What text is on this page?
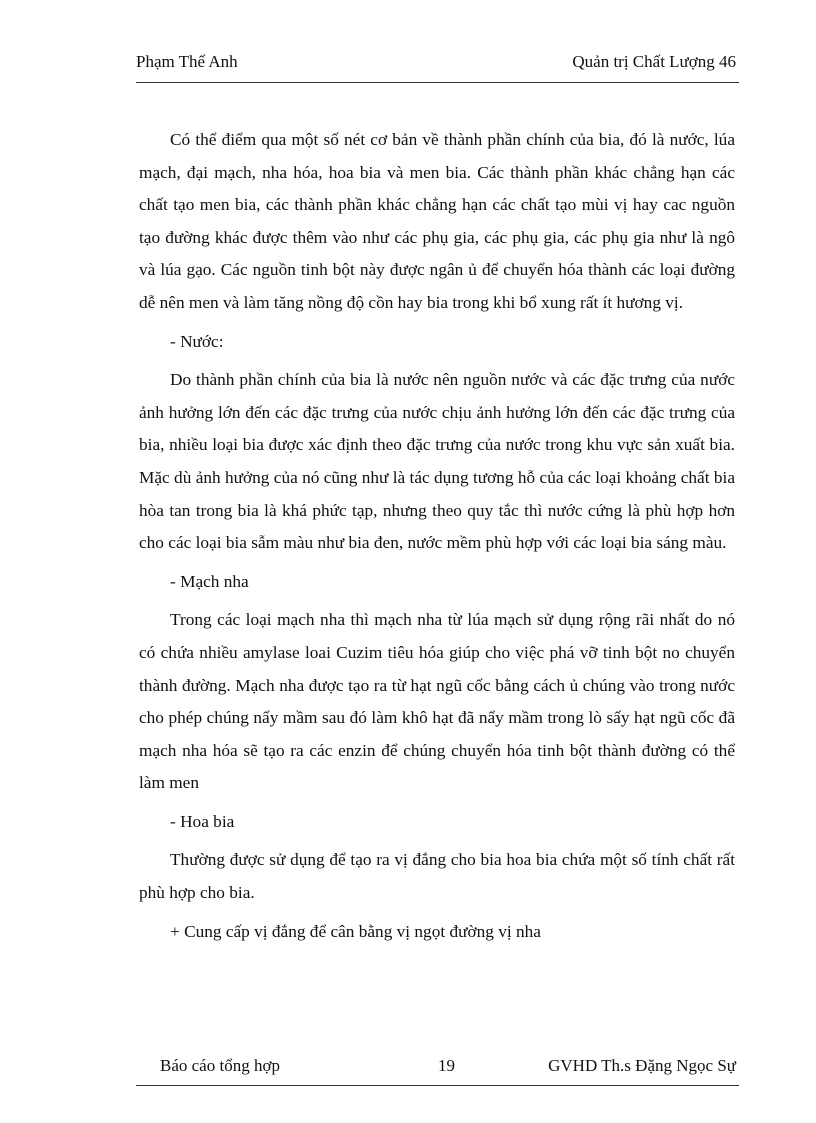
Phạm Thế Anh	Quản trị Chất Lượng 46

Có thể điểm qua một số nét cơ bản về thành phần chính của bia, đó là nước, lúa mạch, đại mạch, nha hóa, hoa bia và men bia. Các thành phần khác chẳng hạn các chất tạo men bia, các thành phần khác chẳng hạn các chất tạo mùi vị hay cac nguồn tạo đường khác được thêm vào như các phụ gia, các phụ gia, các phụ gia như là ngô và lúa gạo. Các nguồn tinh bột này được ngân ủ để chuyển hóa thành các loại đường dễ nên men và làm tăng nồng độ cồn hay bia trong khi bổ xung rất ít hương vị.

- Nước:

Do thành phần chính của bia là nước nên nguồn nước và các đặc trưng của nước ảnh hưởng lớn đến các đặc trưng của nước chịu ảnh hưởng lớn đến các đặc trưng của bia, nhiều loại bia được xác định theo đặc trưng của nước trong khu vực sản xuất bia. Mặc dù ảnh hưởng của nó cũng như là tác dụng tương hỗ của các loại khoảng chất bia hòa tan trong bia là khá phức tạp, nhưng theo quy tắc thì nước cứng là phù hợp hơn cho các loại bia sẫm màu như bia đen, nước mềm phù hợp với các loại bia sáng màu.

- Mạch nha

Trong các loại mạch nha thì mạch nha từ lúa mạch sử dụng rộng rãi nhất do nó có chứa nhiều amylase loai Cuzim tiêu hóa giúp cho việc phá vỡ tinh bột no chuyển thành đường. Mạch nha được tạo ra từ hạt ngũ cốc bằng cách ủ chúng vào trong nước cho phép chúng nẩy mầm sau đó làm khô hạt đã nẩy mầm trong lò sấy hạt ngũ cốc đã mạch nha hóa sẽ tạo ra các enzin để chúng chuyển hóa tinh bột thành đường có thể làm men

- Hoa bia

Thường được sử dụng để tạo ra vị đắng cho bia hoa bia chứa một số tính chất rất phù hợp cho bia.

+ Cung cấp vị đắng để cân bằng vị ngọt đường vị nha

Báo cáo tổng hợp	19	GVHD Th.s Đặng Ngọc Sự
